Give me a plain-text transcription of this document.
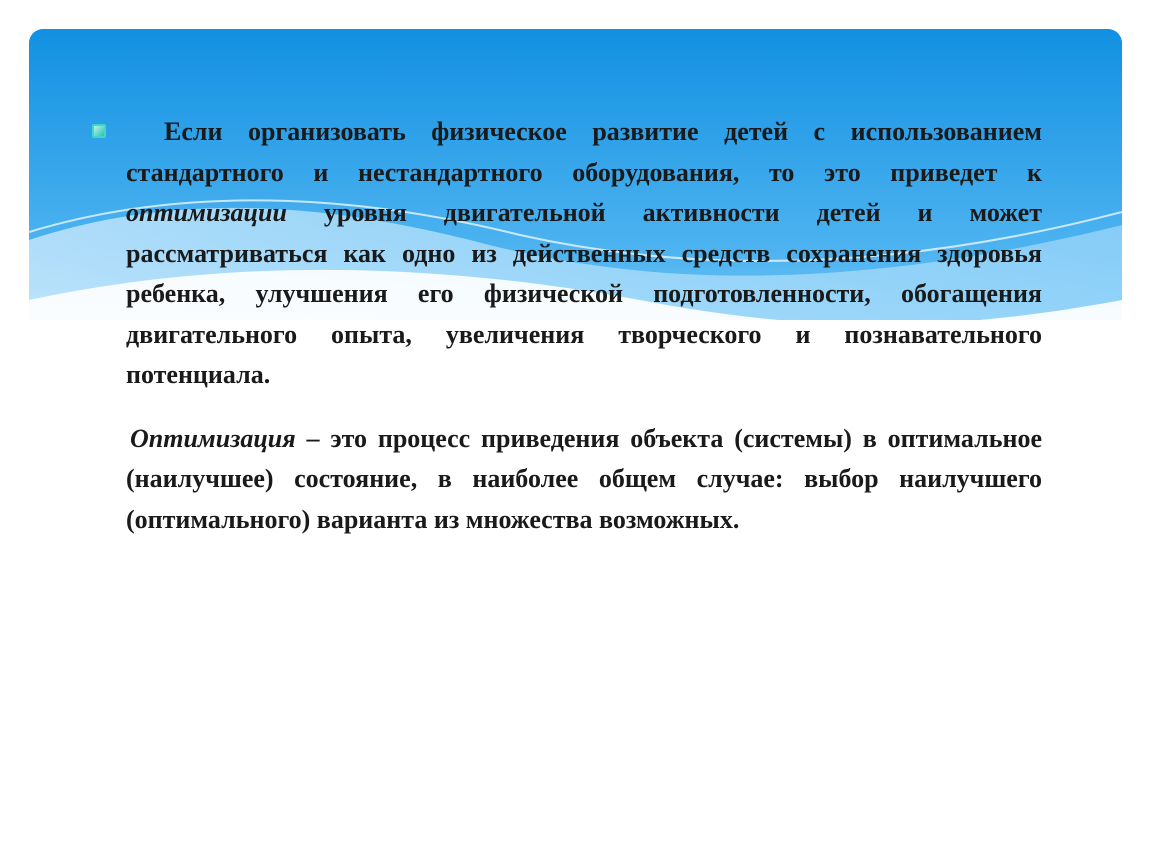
Если организовать физическое развитие детей с использованием стандартного и нестандартного оборудования, то это приведет к оптимизации уровня двигательной активности детей и может рассматриваться как одно из действенных средств сохранения здоровья ребенка, улучшения его физической подготовленности, обогащения двигательного опыта, увеличения творческого и познавательного потенциала.

Оптимизация – это процесс приведения объекта (системы) в оптимальное (наилучшее) состояние, в наиболее общем случае: выбор наилучшего (оптимального) варианта из множества возможных.
